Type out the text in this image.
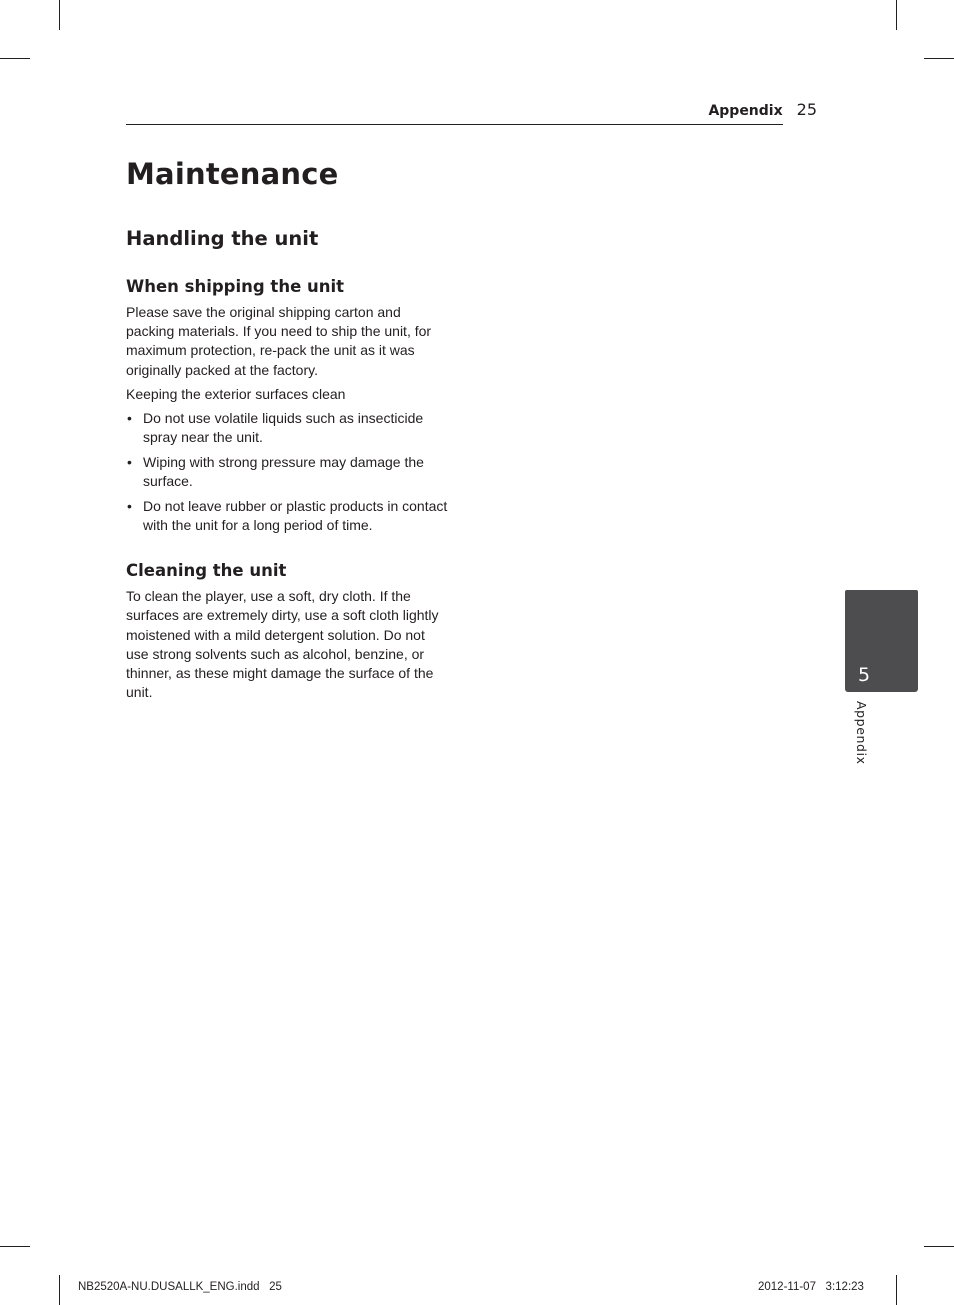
Appendix 25
Maintenance
Handling the unit
When shipping the unit

Please save the original shipping carton and packing materials. If you need to ship the unit, for maximum protection, re-pack the unit as it was originally packed at the factory.

Keeping the exterior surfaces clean

• Do not use volatile liquids such as insecticide spray near the unit.
• Wiping with strong pressure may damage the surface.
• Do not leave rubber or plastic products in contact with the unit for a long period of time.
Cleaning the unit

To clean the player, use a soft, dry cloth. If the surfaces are extremely dirty, use a soft cloth lightly moistened with a mild detergent solution. Do not use strong solvents such as alcohol, benzine, or thinner, as these might damage the surface of the unit.

5
Appendix
NB2520A-NU.DUSALLK_ENG.indd   25	2012-11-07   3:12:23
